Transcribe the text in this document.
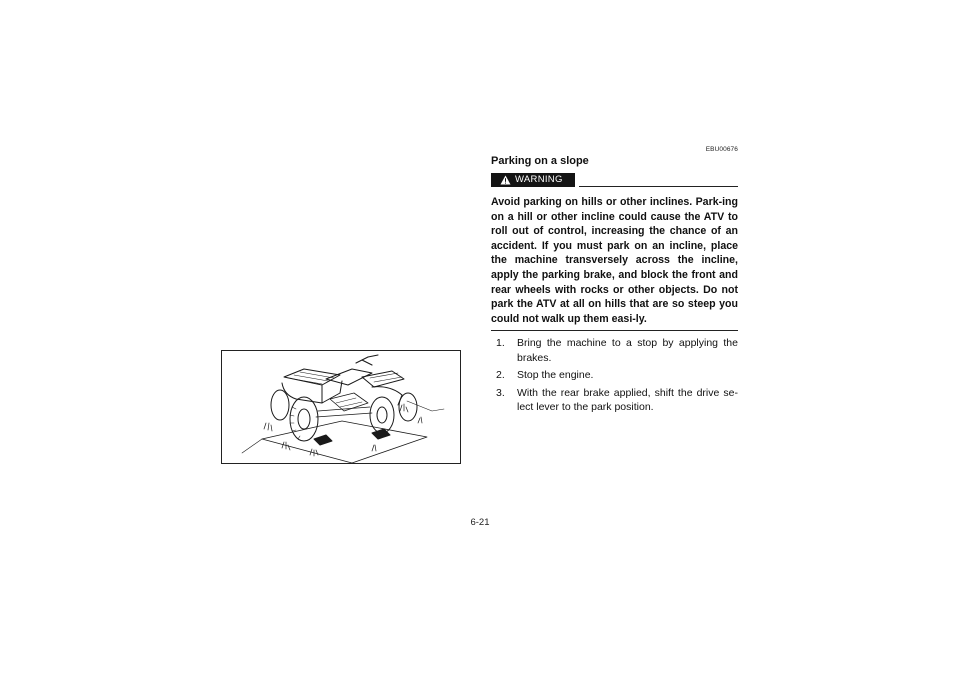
EBU00676
Parking on a slope
WARNING
Avoid parking on hills or other inclines. Park-ing on a hill or other incline could cause the ATV to roll out of control, increasing the chance of an accident. If you must park on an incline, place the machine transversely across the incline, apply the parking brake, and block the front and rear wheels with rocks or other objects. Do not park the ATV at all on hills that are so steep you could not walk up them easi-ly.
1. Bring the machine to a stop by applying the brakes.
2. Stop the engine.
3. With the rear brake applied, shift the drive se-lect lever to the park position.
6-21
